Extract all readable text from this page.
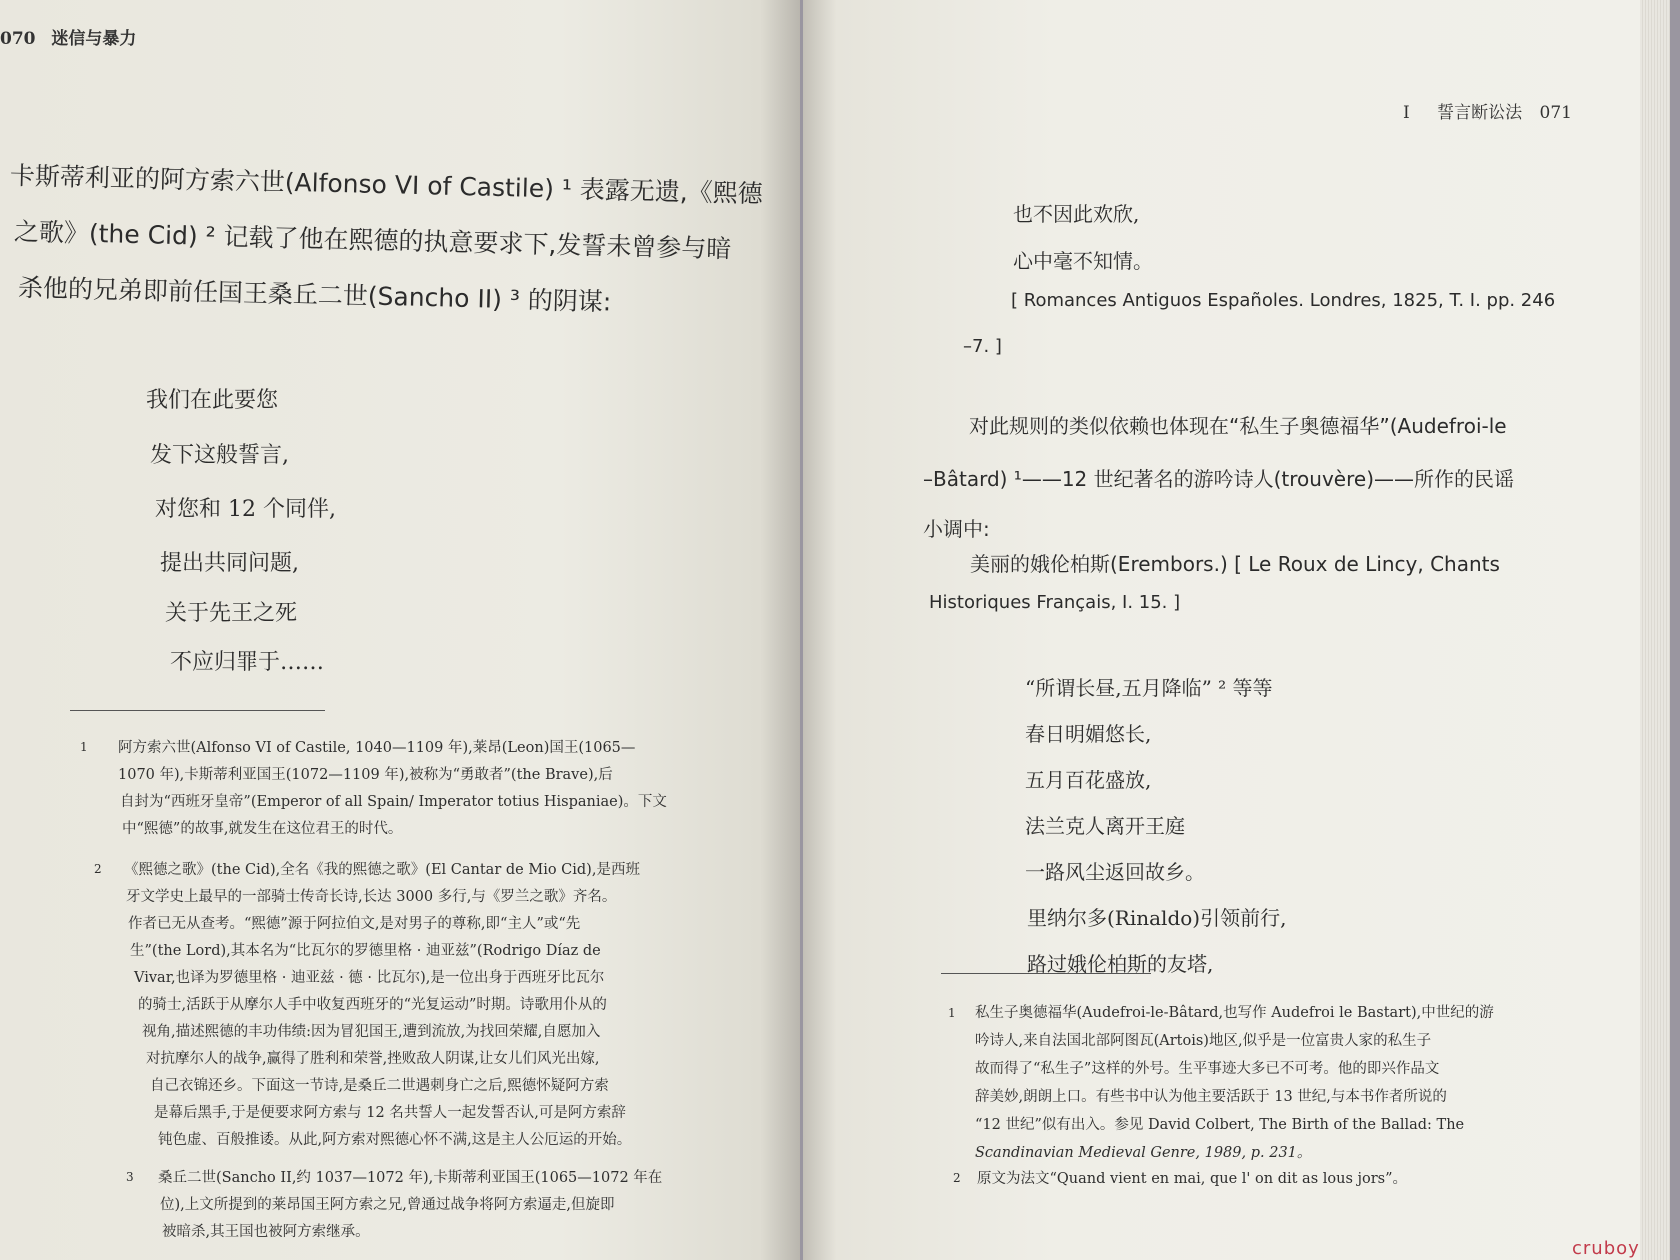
070 迷信与暴力
卡斯蒂利亚的阿方索六世(Alfonso VI of Castile) ¹ 表露无遗,《熙德
之歌》(the Cid) ² 记载了他在熙德的执意要求下,发誓未曾参与暗
杀他的兄弟即前任国王桑丘二世(Sancho II) ³ 的阴谋:
我们在此要您
发下这般誓言,
对您和 12 个同伴,
提出共同问题,
关于先王之死
不应归罪于……
1 阿方索六世(Alfonso VI of Castile, 1040—1109 年),莱昂(Leon)国王(1065—
1070 年),卡斯蒂利亚国王(1072—1109 年),被称为“勇敢者”(the Brave),后
自封为“西班牙皇帝”(Emperor of all Spain/ Imperator totius Hispaniae)。下文
中“熙德”的故事,就发生在这位君王的时代。
2 《熙德之歌》(the Cid),全名《我的熙德之歌》(El Cantar de Mio Cid),是西班
牙文学史上最早的一部骑士传奇长诗,长达 3000 多行,与《罗兰之歌》齐名。
作者已无从查考。“熙德”源于阿拉伯文,是对男子的尊称,即“主人”或“先
生”(the Lord),其本名为“比瓦尔的罗德里格 · 迪亚兹”(Rodrigo Díaz de
Vivar,也译为罗德里格 · 迪亚兹 · 德 · 比瓦尔),是一位出身于西班牙比瓦尔
的骑士,活跃于从摩尔人手中收复西班牙的“光复运动”时期。诗歌用仆从的
视角,描述熙德的丰功伟绩:因为冒犯国王,遭到流放,为找回荣耀,自愿加入
对抗摩尔人的战争,赢得了胜利和荣誉,挫败敌人阴谋,让女儿们风光出嫁,
自己衣锦还乡。下面这一节诗,是桑丘二世遇刺身亡之后,熙德怀疑阿方索
是幕后黑手,于是便要求阿方索与 12 名共誓人一起发誓否认,可是阿方索辞
钝色虚、百般推诿。从此,阿方索对熙德心怀不满,这是主人公厄运的开始。
3 桑丘二世(Sancho II,约 1037—1072 年),卡斯蒂利亚国王(1065—1072 年在
位),上文所提到的莱昂国王阿方索之兄,曾通过战争将阿方索逼走,但旋即
被暗杀,其王国也被阿方索继承。
I 誓言断讼法 071
也不因此欢欣,
心中毫不知情。
[ Romances Antiguos Españoles. Londres, 1825, T. I. pp. 246
–7. ]
对此规则的类似依赖也体现在“私生子奥德福华”(Audefroi-le
–Bâtard) ¹——12 世纪著名的游吟诗人(trouvère)——所作的民谣
小调中:
美丽的娥伦柏斯(Erembors.) [ Le Roux de Lincy, Chants
Historiques Français, I. 15. ]
“所谓长昼,五月降临” ² 等等
春日明媚悠长,
五月百花盛放,
法兰克人离开王庭
一路风尘返回故乡。
里纳尔多(Rinaldo)引领前行,
路过娥伦柏斯的友塔,
1 私生子奥德福华(Audefroi-le-Bâtard,也写作 Audefroi le Bastart),中世纪的游
吟诗人,来自法国北部阿图瓦(Artois)地区,似乎是一位富贵人家的私生子
故而得了“私生子”这样的外号。生平事迹大多已不可考。他的即兴作品文
辞美妙,朗朗上口。有些书中认为他主要活跃于 13 世纪,与本书作者所说的
“12 世纪”似有出入。参见 David Colbert, The Birth of the Ballad: The
Scandinavian Medieval Genre, 1989, p. 231。
2 原文为法文“Quand vient en mai, que l' on dit as lous jors”。
cruboy
